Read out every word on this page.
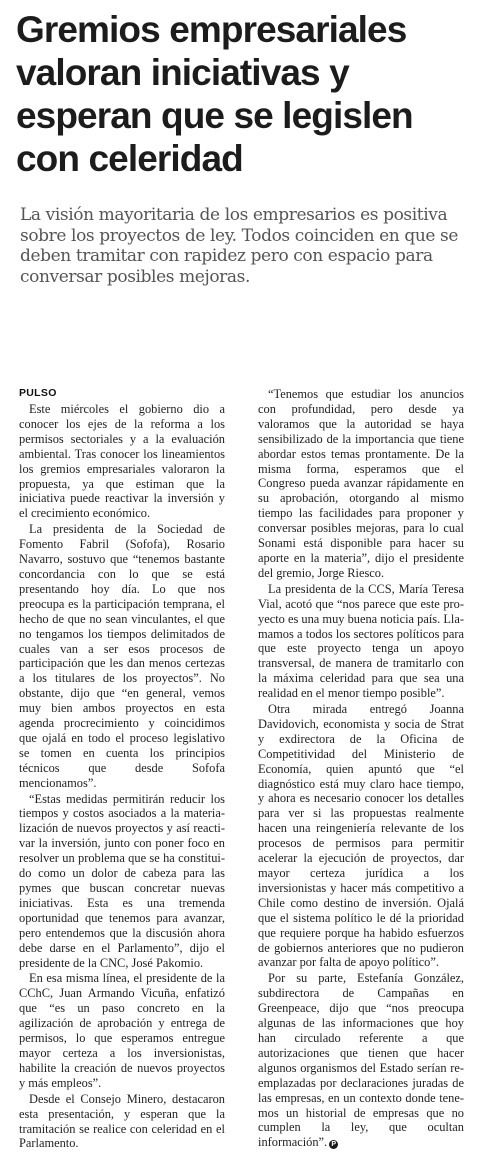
Gremios empresariales valoran iniciativas y esperan que se legislen con celeridad

La visión mayoritaria de los empresarios es positiva sobre los proyectos de ley. Todos coinciden en que se deben tramitar con rapidez pero con espacio para conversar posibles mejoras.

PULSO

Este miércoles el gobierno dio a conocer los ejes de la reforma a los permisos sectoriales y a la evaluación ambiental. Tras conocer los lineamientos los gremios empresariales valoraron la propuesta, ya que estiman que la iniciativa puede reactivar la inversión y el crecimiento económico.

La presidenta de la Sociedad de Fomento Fabril (Sofofa), Rosario Navarro, sostuvo que “tenemos bastante concordancia con lo que se está presentando hoy día. Lo que nos preocupa es la participación temprana, el hecho de que no sean vinculantes, el que no tengamos los tiempos delimitados de cuales van a ser esos procesos de participación que les dan menos certezas a los titulares de los proyectos”. No obstante, dijo que “en general, vemos muy bien ambos proyectos en esta agenda procrecimiento y coincidimos que ojalá en todo el proceso legislativo se tomen en cuenta los principios técnicos que desde Sofofa mencionamos”.

“Estas medidas permitirán reducir los tiempos y costos asociados a la materialización de nuevos proyectos y así reactivar la inversión, junto con poner foco en resolver un problema que se ha constituido como un dolor de cabeza para las pymes que buscan concretar nuevas iniciativas. Esta es una tremenda oportunidad que tenemos para avanzar, pero entendemos que la discusión ahora debe darse en el Parlamento”, dijo el presidente de la CNC, José Pakomio.

En esa misma línea, el presidente de la CChC, Juan Armando Vicuña, enfatizó que “es un paso concreto en la agilización de aprobación y entrega de permisos, lo que esperamos entregue mayor certeza a los inversionistas, habilite la creación de nuevos proyectos y más empleos”.

Desde el Consejo Minero, destacaron esta presentación, y esperan que la tramitación se realice con celeridad en el Parlamento.

“Tenemos que estudiar los anuncios con profundidad, pero desde ya valoramos que la autoridad se haya sensibilizado de la importancia que tiene abordar estos temas prontamente. De la misma forma, esperamos que el Congreso pueda avanzar rápidamente en su aprobación, otorgando al mismo tiempo las facilidades para proponer y conversar posibles mejoras, para lo cual Sonami está disponible para hacer su aporte en la materia”, dijo el presidente del gremio, Jorge Riesco.

La presidenta de la CCS, María Teresa Vial, acotó que “nos parece que este proyecto es una muy buena noticia país. Llamamos a todos los sectores políticos para que este proyecto tenga un apoyo transversal, de manera de tramitarlo con la máxima celeridad para que sea una realidad en el menor tiempo posible”.

Otra mirada entregó Joanna Davidovich, economista y socia de Strat y exdirectora de la Oficina de Competitividad del Ministerio de Economía, quien apuntó que “el diagnóstico está muy claro hace tiempo, y ahora es necesario conocer los detalles para ver si las propuestas realmente hacen una reingeniería relevante de los procesos de permisos para permitir acelerar la ejecución de proyectos, dar mayor certeza jurídica a los inversionistas y hacer más competitivo a Chile como destino de inversión. Ojalá que el sistema político le dé la prioridad que requiere porque ha habido esfuerzos de gobiernos anteriores que no pudieron avanzar por falta de apoyo político”.

Por su parte, Estefanía González, subdirectora de Campañas en Greenpeace, dijo que “nos preocupa algunas de las informaciones que hoy han circulado referente a que autorizaciones que tienen que hacer algunos organismos del Estado serían reemplazadas por declaraciones juradas de las empresas, en un contexto donde tenemos un historial de empresas que no cumplen la ley, que ocultan información”. P
